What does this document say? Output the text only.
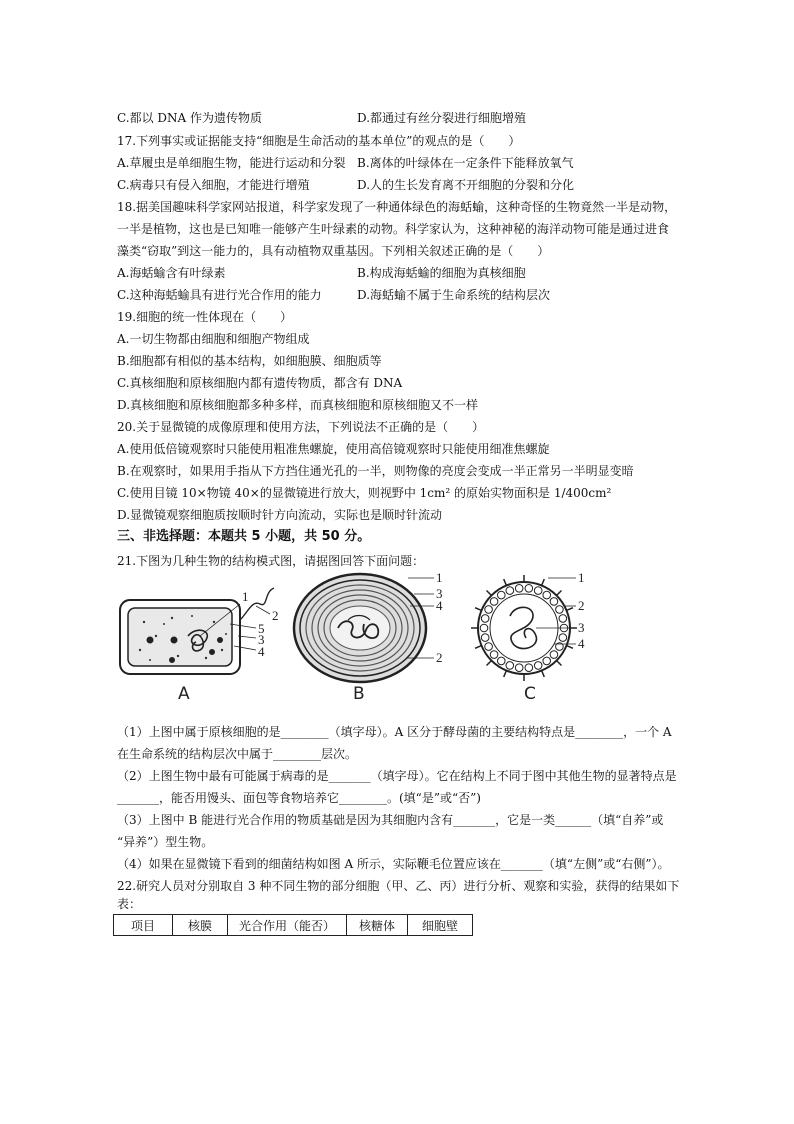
C.都以 DNA 作为遗传物质	D.都通过有丝分裂进行细胞增殖
17.下列事实或证据能支持“细胞是生命活动的基本单位”的观点的是（　　）
A.草履虫是单细胞生物，能进行运动和分裂 B.离体的叶绿体在一定条件下能释放氧气
C.病毒只有侵入细胞，才能进行增殖	D.人的生长发育离不开细胞的分裂和分化
18.据美国趣味科学家网站报道，科学家发现了一种通体绿色的海蛞蝓，这种奇怪的生物竟然一半是动物，
一半是植物，这也是已知唯一能够产生叶绿素的动物。科学家认为，这种神秘的海洋动物可能是通过进食
藻类“窃取”到这一能力的，具有动植物双重基因。下列相关叙述正确的是（　　）
A.海蛞蝓含有叶绿素	B.构成海蛞蝓的细胞为真核细胞
C.这种海蛞蝓具有进行光合作用的能力	D.海蛞蝓不属于生命系统的结构层次
19.细胞的统一性体现在（　　）
A.一切生物都由细胞和细胞产物组成
B.细胞都有相似的基本结构，如细胞膜、细胞质等
C.真核细胞和原核细胞内都有遗传物质，都含有 DNA
D.真核细胞和原核细胞都多种多样，而真核细胞和原核细胞又不一样
20.关于显微镜的成像原理和使用方法，下列说法不正确的是（　　）
A.使用低倍镜观察时只能使用粗准焦螺旋，使用高倍镜观察时只能使用细准焦螺旋
B.在观察时，如果用手指从下方挡住通光孔的一半，则物像的亮度会变成一半正常另一半明显变暗
C.使用目镜 10×物镜 40×的显微镜进行放大，则视野中 1cm² 的原始实物面积是 1/400cm²
D.显微镜观察细胞质按顺时针方向流动，实际也是顺时针流动
三、非选择题：本题共 5 小题，共 50 分。
21.下图为几种生物的结构模式图，请据图回答下面问题：
1
2
5
3
4
A
1
3
4
2
B
1
2
3
4
C
（1）上图中属于原核细胞的是________（填字母）。A 区分于酵母菌的主要结构特点是________，一个 A
在生命系统的结构层次中属于________层次。
（2）上图生物中最有可能属于病毒的是_______（填字母）。它在结构上不同于图中其他生物的显著特点是
_______，能否用馒头、面包等食物培养它________。(填“是”或“否”)
（3）上图中 B 能进行光合作用的物质基础是因为其细胞内含有_______，它是一类______（填“自养”或
“异养”）型生物。
（4）如果在显微镜下看到的细菌结构如图 A 所示，实际鞭毛位置应该在_______（填“左侧”或“右侧”）。
22.研究人员对分别取自 3 种不同生物的部分细胞（甲、乙、丙）进行分析、观察和实验，获得的结果如下
表：
项目	核膜	光合作用（能否）	核糖体	细胞壁
